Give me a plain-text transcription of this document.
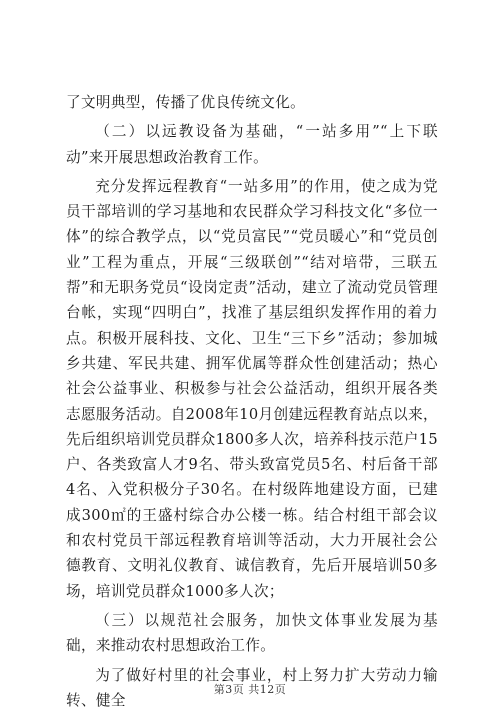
了文明典型，传播了优良传统文化。

（二）以远教设备为基础，“一站多用”“上下联动”来开展思想政治教育工作。

充分发挥远程教育“一站多用”的作用，使之成为党员干部培训的学习基地和农民群众学习科技文化“多位一体”的综合教学点，以“党员富民”“党员暖心”和“党员创业”工程为重点，开展“三级联创”“结对培带，三联五帮”和无职务党员“设岗定责”活动，建立了流动党员管理台帐，实现“四明白”，找准了基层组织发挥作用的着力点。积极开展科技、文化、卫生“三下乡”活动；参加城乡共建、军民共建、拥军优属等群众性创建活动；热心社会公益事业、积极参与社会公益活动，组织开展各类志愿服务活动。自2008年10月创建远程教育站点以来，先后组织培训党员群众1800多人次，培养科技示范户15户、各类致富人才9名、带头致富党员5名、村后备干部4名、入党积极分子30名。在村级阵地建设方面，已建成300㎡的王盛村综合办公楼一栋。结合村组干部会议和农村党员干部远程教育培训等活动，大力开展社会公德教育、文明礼仪教育、诚信教育，先后开展培训50多场，培训党员群众1000多人次；

（三）以规范社会服务，加快文体事业发展为基础，来推动农村思想政治工作。

为了做好村里的社会事业，村上努力扩大劳动力输转、健全

第3页 共12页
